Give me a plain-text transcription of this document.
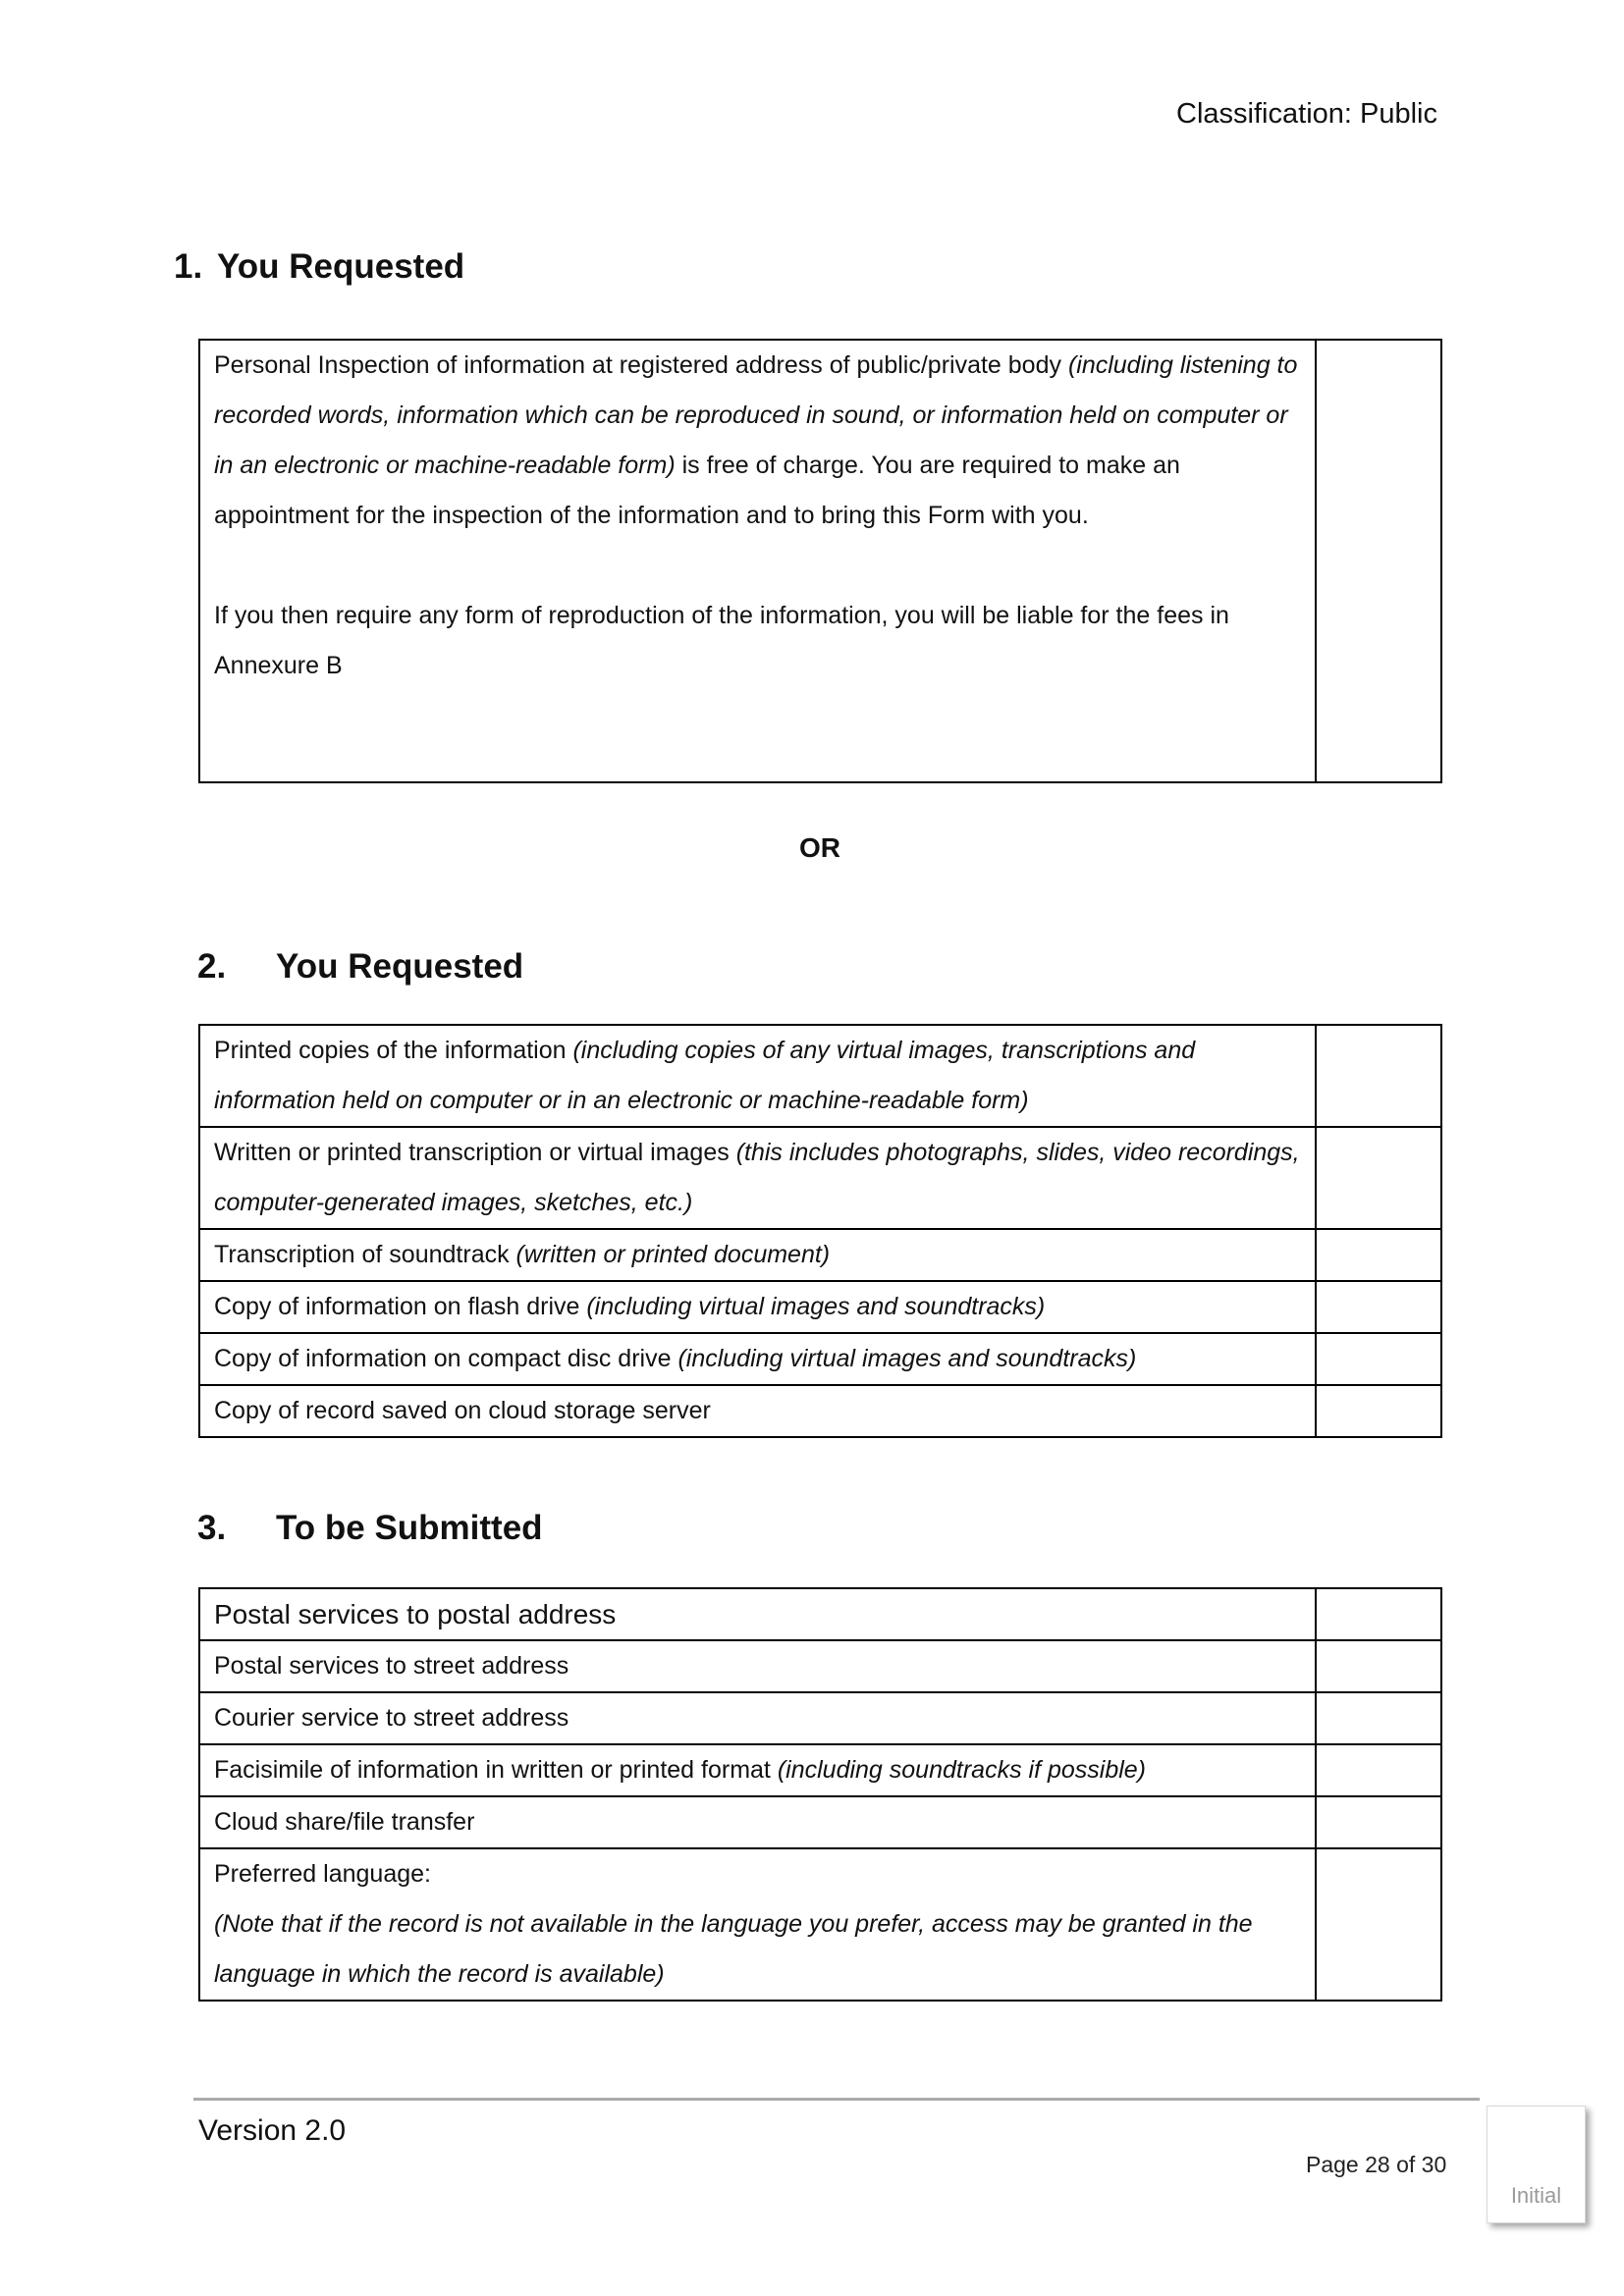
Classification: Public
1. You Requested
Personal Inspection of information at registered address of public/private body (including listening to recorded words, information which can be reproduced in sound, or information held on computer or in an electronic or machine-readable form) is free of charge. You are required to make an appointment for the inspection of the information and to bring this Form with you.
If you then require any form of reproduction of the information, you will be liable for the fees in Annexure B

OR
2. You Requested
Printed copies of the information (including copies of any virtual images, transcriptions and information held on computer or in an electronic or machine-readable form)	
Written or printed transcription or virtual images (this includes photographs, slides, video recordings, computer-generated images, sketches, etc.)	
Transcription of soundtrack (written or printed document)	
Copy of information on flash drive (including virtual images and soundtracks)	
Copy of information on compact disc drive (including virtual images and soundtracks)	
Copy of record saved on cloud storage server	
3. To be Submitted
Postal services to postal address	
Postal services to street address	
Courier service to street address	
Facisimile of information in written or printed format (including soundtracks if possible)	
Cloud share/file transfer	
Preferred language:
(Note that if the record is not available in the language you prefer, access may be granted in the language in which the record is available)	
Version 2.0
Page 28 of 30
Initial
